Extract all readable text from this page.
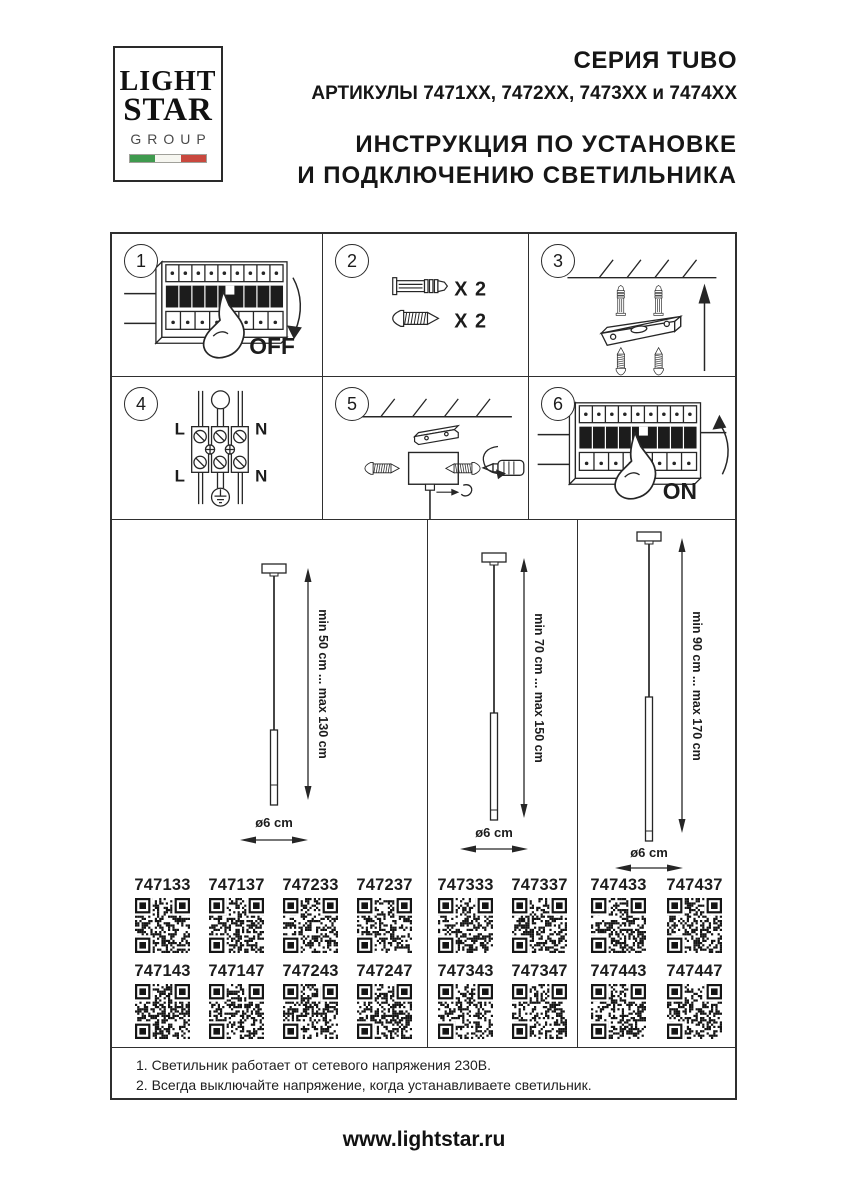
LIGHT
STAR
GROUP
СЕРИЯ TUBO
АРТИКУЛЫ 7471ХХ, 7472ХХ, 7473ХХ и 7474ХХ
ИНСТРУКЦИЯ ПО УСТАНОВКЕ
И ПОДКЛЮЧЕНИЮ СВЕТИЛЬНИКА
1
OFF
2
X 2
X 2
3
4
L	N
L	N
5	6
ON
min 50 cm ... max 130 cm
ø6 cm
747133 747137 747233 747237
747143 747147 747243 747247
min 70 cm ... max 150 cm
ø6 cm
747333 747337
747343 747347
min 90 cm ... max 170 cm
ø6 cm
747433 747437
747443 747447
1. Светильник работает от сетевого напряжения 230В.
2. Всегда выключайте напряжение, когда устанавливаете светильник.
www.lightstar.ru
